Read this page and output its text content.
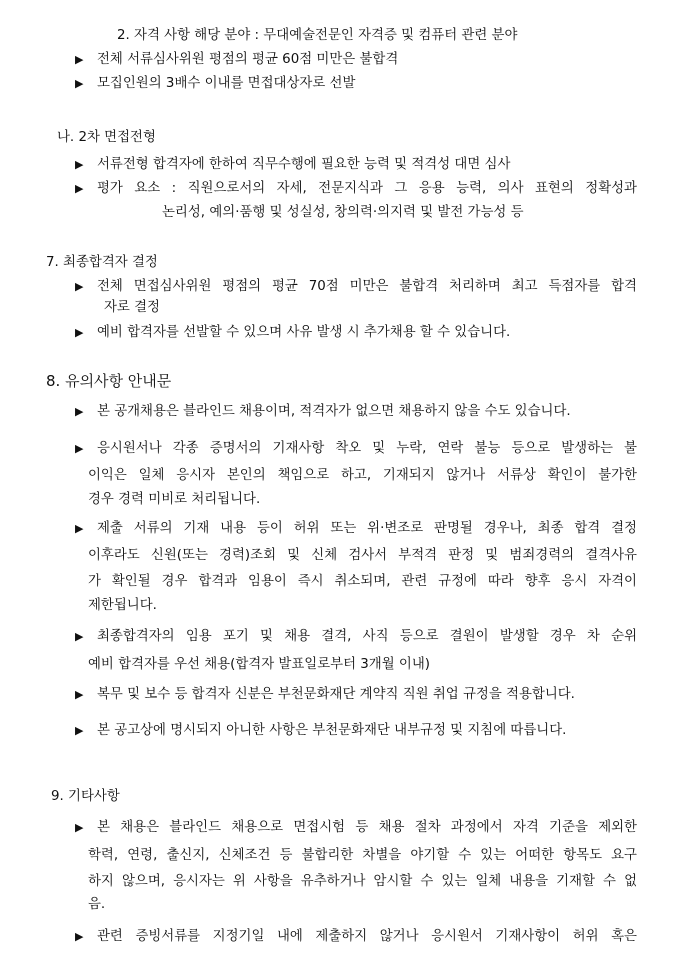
2. 자격 사항 해당 분야 : 무대예술전문인 자격증 및 컴퓨터 관련 분야
▶ 전체 서류심사위원 평점의 평균 60점 미만은 불합격
▶ 모집인원의 3배수 이내를 면접대상자로 선발
나. 2차 면접전형
▶ 서류전형 합격자에 한하여 직무수행에 필요한 능력 및 적격성 대면 심사
▶ 평가 요소 : 직원으로서의 자세, 전문지식과 그 응용 능력, 의사 표현의 정확성과
논리성, 예의·품행 및 성실성, 창의력·의지력 및 발전 가능성 등
7. 최종합격자 결정
▶ 전체 면접심사위원 평점의 평균 70점 미만은 불합격 처리하며 최고 득점자를 합격
자로 결정
▶ 예비 합격자를 선발할 수 있으며 사유 발생 시 추가채용 할 수 있습니다.
8. 유의사항 안내문
▶ 본 공개채용은 블라인드 채용이며, 적격자가 없으면 채용하지 않을 수도 있습니다.
▶ 응시원서나 각종 증명서의 기재사항 착오 및 누락, 연락 불능 등으로 발생하는 불
이익은 일체 응시자 본인의 책임으로 하고, 기재되지 않거나 서류상 확인이 불가한
경우 경력 미비로 처리됩니다.
▶ 제출 서류의 기재 내용 등이 허위 또는 위·변조로 판명될 경우나, 최종 합격 결정
이후라도 신원(또는 경력)조회 및 신체 검사서 부적격 판정 및 범죄경력의 결격사유
가 확인될 경우 합격과 임용이 즉시 취소되며, 관련 규정에 따라 향후 응시 자격이
제한됩니다.
▶ 최종합격자의 임용 포기 및 채용 결격, 사직 등으로 결원이 발생할 경우 차 순위
예비 합격자를 우선 채용(합격자 발표일로부터 3개월 이내)
▶ 복무 및 보수 등 합격자 신분은 부천문화재단 계약직 직원 취업 규정을 적용합니다.
▶ 본 공고상에 명시되지 아니한 사항은 부천문화재단 내부규정 및 지침에 따릅니다.
9. 기타사항
▶ 본 채용은 블라인드 채용으로 면접시험 등 채용 절차 과정에서 자격 기준을 제외한
학력, 연령, 출신지, 신체조건 등 불합리한 차별을 야기할 수 있는 어떠한 항목도 요구
하지 않으며, 응시자는 위 사항을 유추하거나 암시할 수 있는 일체 내용을 기재할 수 없
음.
▶ 관련 증빙서류를 지정기일 내에 제출하지 않거나 응시원서 기재사항이 허위 혹은
